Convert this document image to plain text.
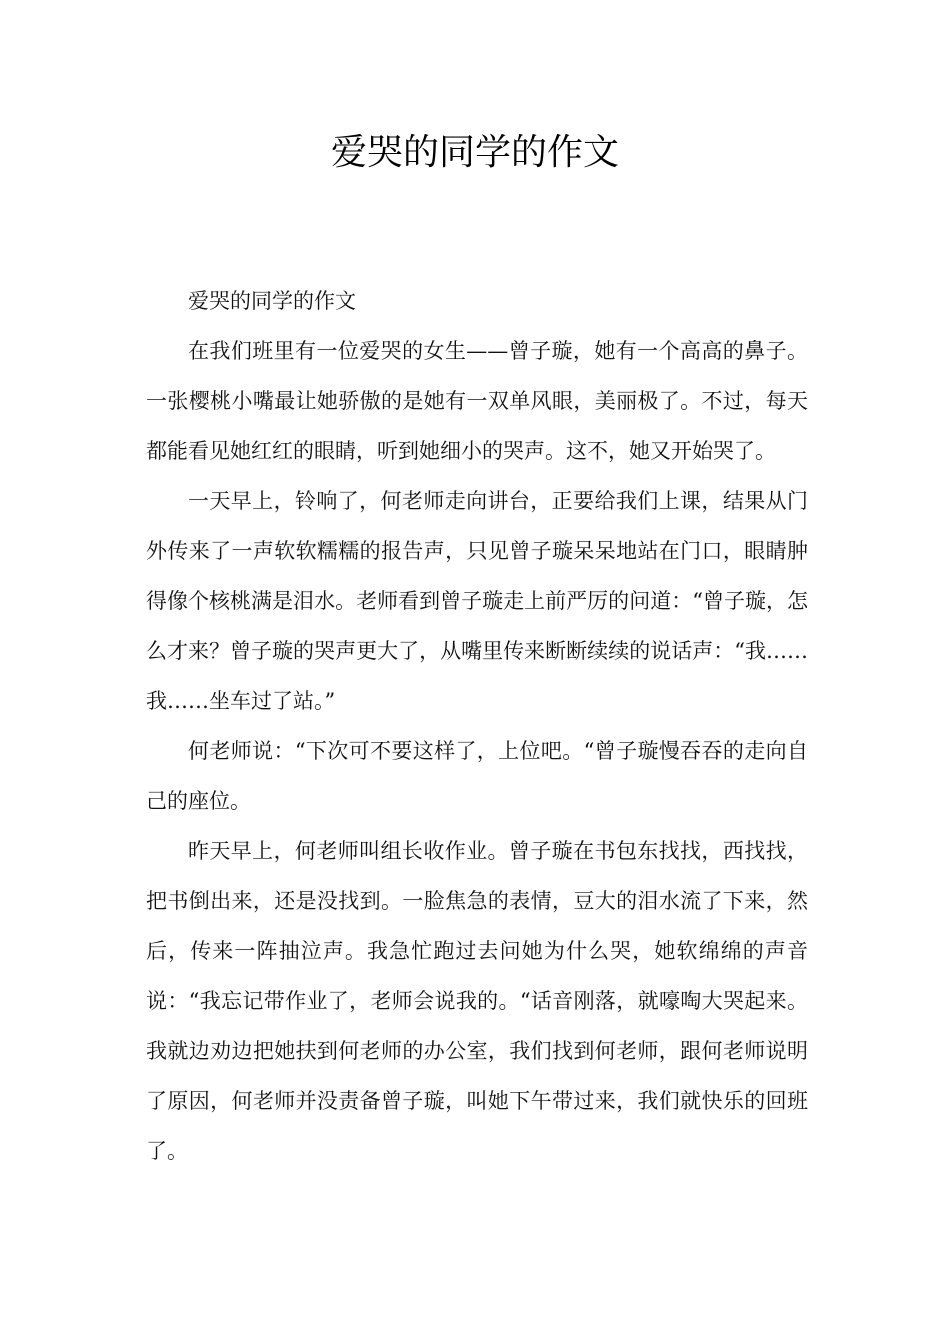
爱哭的同学的作文

爱哭的同学的作文

在我们班里有一位爱哭的女生——曾子璇，她有一个高高的鼻子。一张樱桃小嘴最让她骄傲的是她有一双单风眼，美丽极了。不过，每天都能看见她红红的眼睛，听到她细小的哭声。这不，她又开始哭了。

一天早上，铃响了，何老师走向讲台，正要给我们上课，结果从门外传来了一声软软糯糯的报告声，只见曾子璇呆呆地站在门口，眼睛肿得像个核桃满是泪水。老师看到曾子璇走上前严厉的问道：“曾子璇，怎么才来？曾子璇的哭声更大了，从嘴里传来断断续续的说话声：“我……我……坐车过了站。”

何老师说：“下次可不要这样了，上位吧。“曾子璇慢吞吞的走向自己的座位。

昨天早上，何老师叫组长收作业。曾子璇在书包东找找，西找找，把书倒出来，还是没找到。一脸焦急的表情，豆大的泪水流了下来，然后，传来一阵抽泣声。我急忙跑过去问她为什么哭，她软绵绵的声音说：“我忘记带作业了，老师会说我的。“话音刚落，就嚎啕大哭起来。我就边劝边把她扶到何老师的办公室，我们找到何老师，跟何老师说明了原因，何老师并没责备曾子璇，叫她下午带过来，我们就快乐的回班了。
